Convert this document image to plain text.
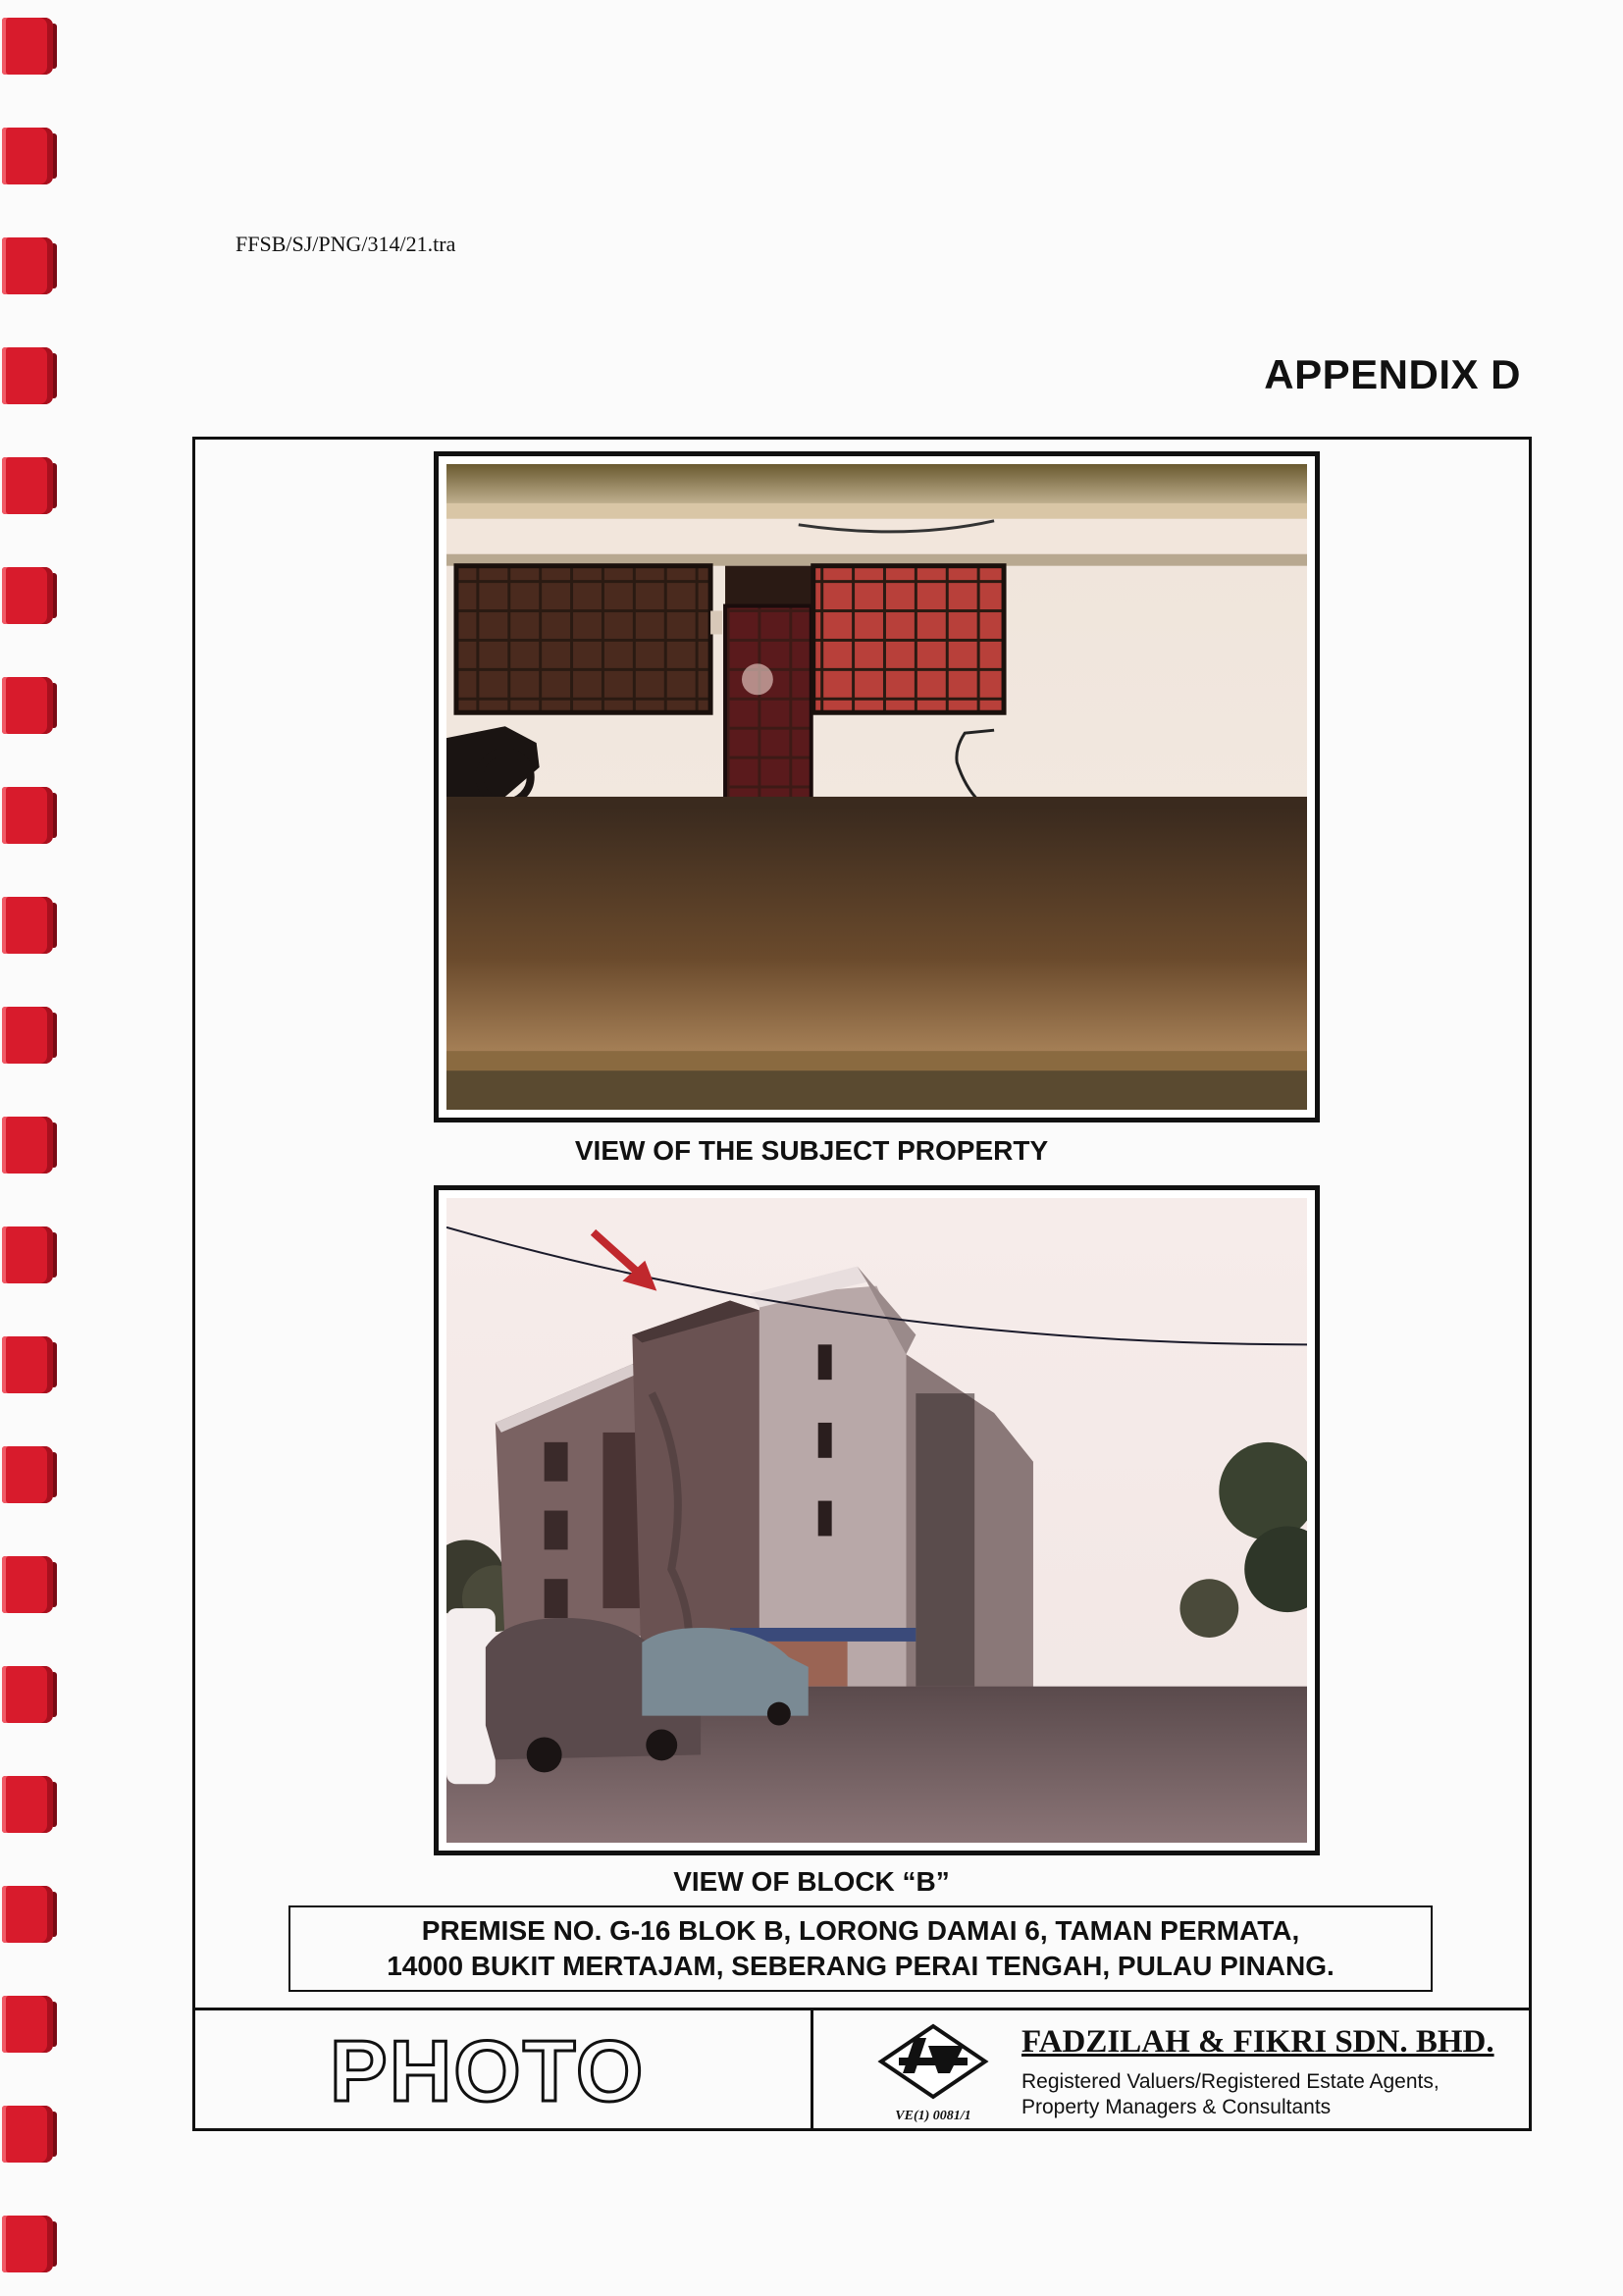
FFSB/SJ/PNG/314/21.tra
APPENDIX D
VIEW OF THE SUBJECT PROPERTY
VIEW OF BLOCK “B”
PREMISE NO. G-16 BLOK B, LORONG DAMAI 6, TAMAN PERMATA,
14000 BUKIT MERTAJAM, SEBERANG PERAI TENGAH, PULAU PINANG.
PHOTO	VE(1) 0081/1
FADZILAH & FIKRI SDN. BHD.
Registered Valuers/Registered Estate Agents,
Property Managers & Consultants
